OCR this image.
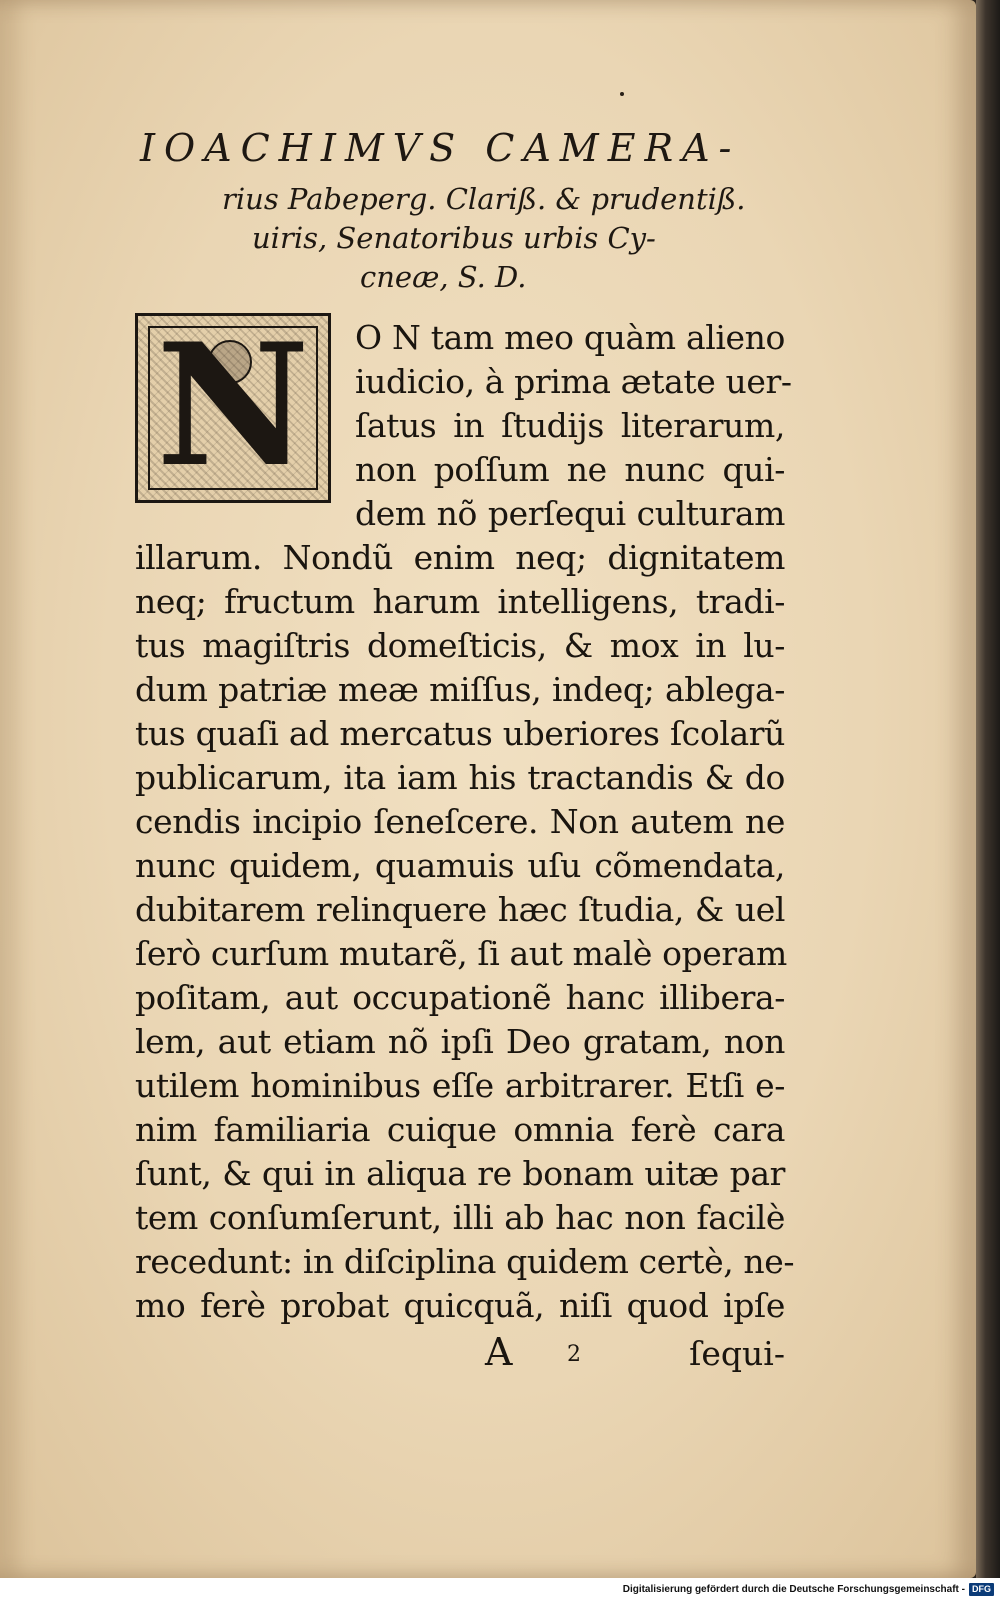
IOACHIMVS CAMERA-

rius Pabeperg. Clariß. & prudentiß.

uiris, Senatoribus urbis Cy-

cneæ, S. D.

N	O N tam meo quàm alieno

iudicio, à prima ætate uer-

ſatus in ſtudijs literarum,

non poſſum ne nunc qui-

dem nõ perſequi culturam

illarum. Nondũ enim neq; dignitatem

neq; fructum harum intelligens, tradi-

tus magiſtris domeſticis, & mox in lu-

dum patriæ meæ miſſus, indeq; ablega-

tus quaſi ad mercatus uberiores ſcolarũ

publicarum, ita iam his tractandis & do

cendis incipio ſeneſcere. Non autem ne

nunc quidem, quamuis uſu cõmendata,

dubitarem relinquere hæc ſtudia, & uel

ſerò curſum mutarẽ, ſi aut malè operam

poſitam, aut occupationẽ hanc illibera-

lem, aut etiam nõ ipſi Deo gratam, non

utilem hominibus eſſe arbitrarer. Etſi e-

nim familiaria cuique omnia ferè cara

ſunt, & qui in aliqua re bonam uitæ par

tem conſumſerunt, illi ab hac non facilè

recedunt: in diſciplina quidem certè, ne-

mo ferè probat quicquã, niſi quod ipſe

A 2	ſequi-
Digitalisierung gefördert durch die Deutsche Forschungsgemeinschaft - DFG
